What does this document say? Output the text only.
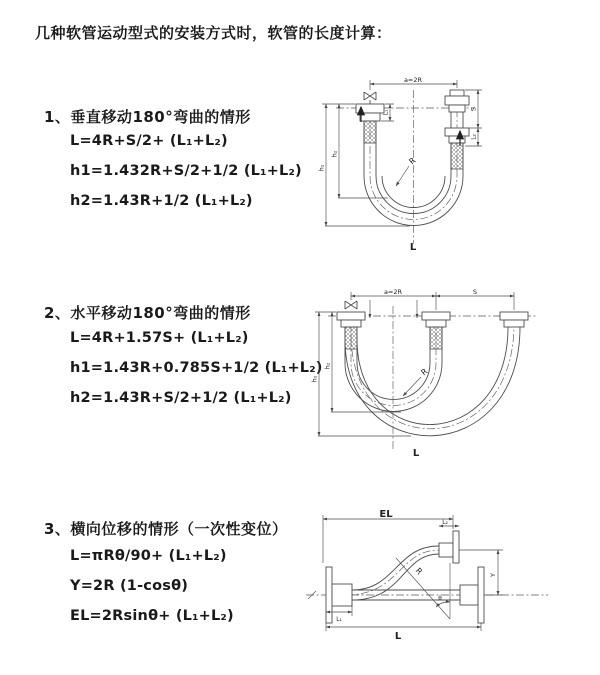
几种软管运动型式的安装方式时，软管的长度计算：
1、垂直移动180°弯曲的情形
L=4R+S/2+ (L₁+L₂)
h1=1.432R+S/2+1/2 (L₁+L₂)
h2=1.43R+1/2 (L₁+L₂)
2、水平移动180°弯曲的情形
L=4R+1.57S+ (L₁+L₂)
h1=1.43R+0.785S+1/2 (L₁+L₂)
h2=1.43R+S/2+1/2 (L₁+L₂)
3、横向位移的情形（一次性变位）
L=πRθ/90+ (L₁+L₂)
Y=2R (1-cosθ)
EL=2Rsinθ+ (L₁+L₂)
a=2R
S
L₂
L₁
h₁
h₂
R
L
a=2R	S
h₁
h₂
R
L
EL
L₂
Y
R
θ
L₁
L
